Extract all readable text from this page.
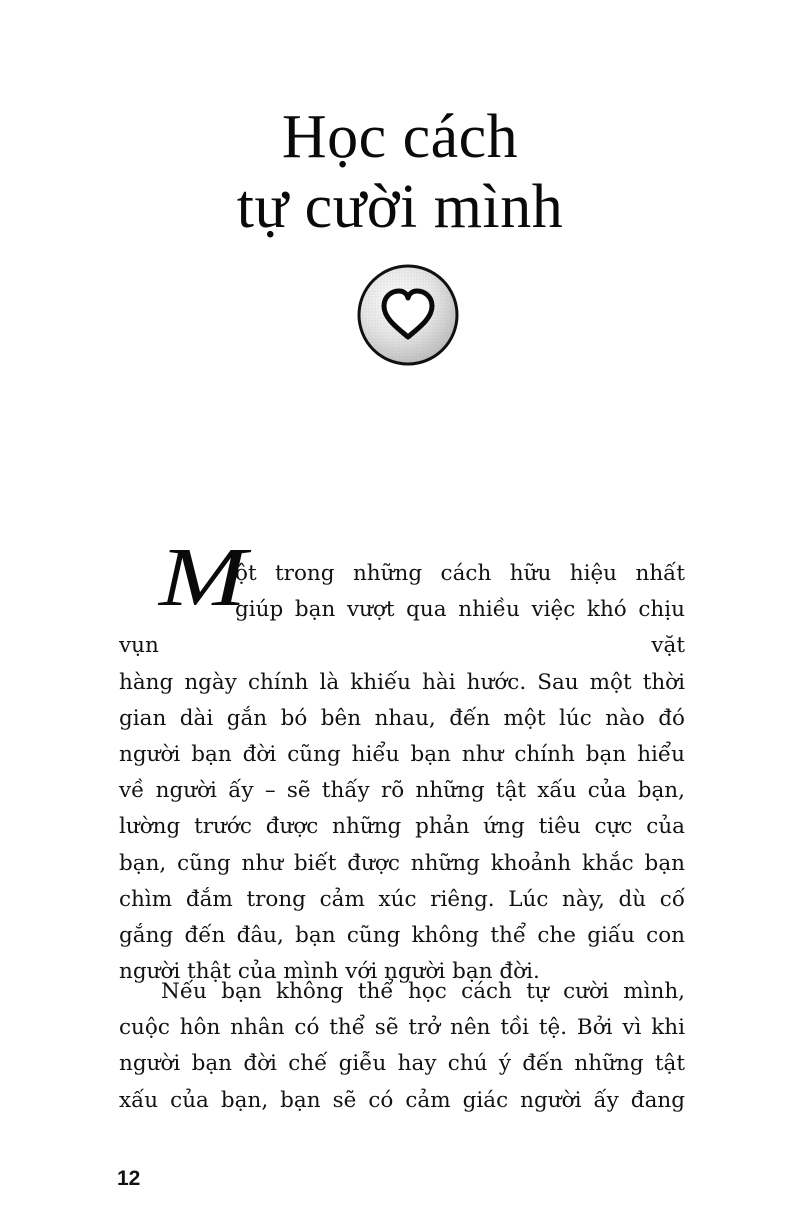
Học cách
tự cười mình
M
ột trong những cách hữu hiệu nhất
giúp bạn vượt qua nhiều việc khó chịu vụn vặt
hàng ngày chính là khiếu hài hước. Sau một thời
gian dài gắn bó bên nhau, đến một lúc nào đó
người bạn đời cũng hiểu bạn như chính bạn hiểu
về người ấy – sẽ thấy rõ những tật xấu của bạn,
lường trước được những phản ứng tiêu cực của
bạn, cũng như biết được những khoảnh khắc bạn
chìm đắm trong cảm xúc riêng. Lúc này, dù cố
gắng đến đâu, bạn cũng không thể che giấu con
người thật của mình với người bạn đời.
Nếu bạn không thể học cách tự cười mình,
cuộc hôn nhân có thể sẽ trở nên tồi tệ. Bởi vì khi
người bạn đời chế giễu hay chú ý đến những tật
xấu của bạn, bạn sẽ có cảm giác người ấy đang
12
